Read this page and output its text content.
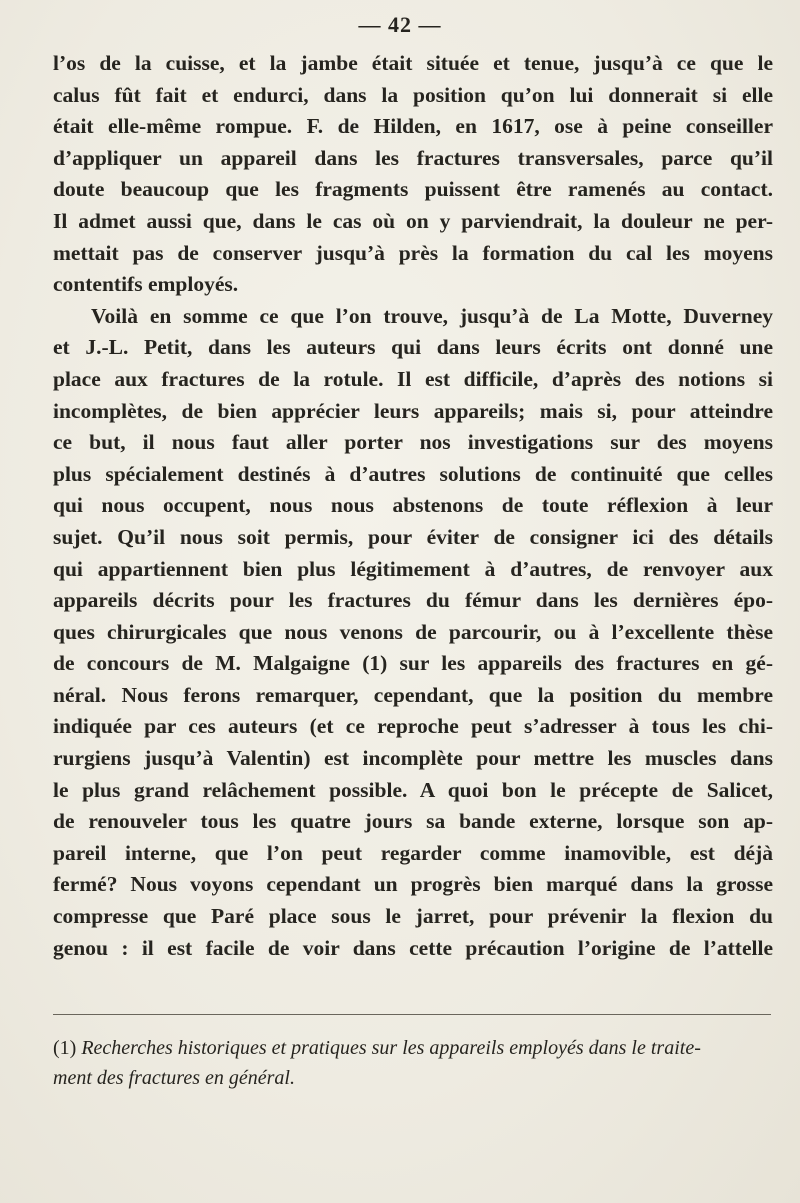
— 42 —
l’os de la cuisse, et la jambe était située et tenue, jusqu’à ce que le
calus fût fait et endurci, dans la position qu’on lui donnerait si elle
était elle-même rompue. F. de Hilden, en 1617, ose à peine conseiller
d’appliquer un appareil dans les fractures transversales, parce qu’il
doute beaucoup que les fragments puissent être ramenés au contact.
Il admet aussi que, dans le cas où on y parviendrait, la douleur ne per-
mettait pas de conserver jusqu’à près la formation du cal les moyens
contentifs employés.
Voilà en somme ce que l’on trouve, jusqu’à de La Motte, Duverney
et J.-L. Petit, dans les auteurs qui dans leurs écrits ont donné une
place aux fractures de la rotule. Il est difficile, d’après des notions si
incomplètes, de bien apprécier leurs appareils; mais si, pour atteindre
ce but, il nous faut aller porter nos investigations sur des moyens
plus spécialement destinés à d’autres solutions de continuité que celles
qui nous occupent, nous nous abstenons de toute réflexion à leur
sujet. Qu’il nous soit permis, pour éviter de consigner ici des détails
qui appartiennent bien plus légitimement à d’autres, de renvoyer aux
appareils décrits pour les fractures du fémur dans les dernières épo-
ques chirurgicales que nous venons de parcourir, ou à l’excellente thèse
de concours de M. Malgaigne (1) sur les appareils des fractures en gé-
néral. Nous ferons remarquer, cependant, que la position du membre
indiquée par ces auteurs (et ce reproche peut s’adresser à tous les chi-
rurgiens jusqu’à Valentin) est incomplète pour mettre les muscles dans
le plus grand relâchement possible. A quoi bon le précepte de Salicet,
de renouveler tous les quatre jours sa bande externe, lorsque son ap-
pareil interne, que l’on peut regarder comme inamovible, est déjà
fermé? Nous voyons cependant un progrès bien marqué dans la grosse
compresse que Paré place sous le jarret, pour prévenir la flexion du
genou : il est facile de voir dans cette précaution l’origine de l’attelle
(1) Recherches historiques et pratiques sur les appareils employés dans le traite-
ment des fractures en général.
